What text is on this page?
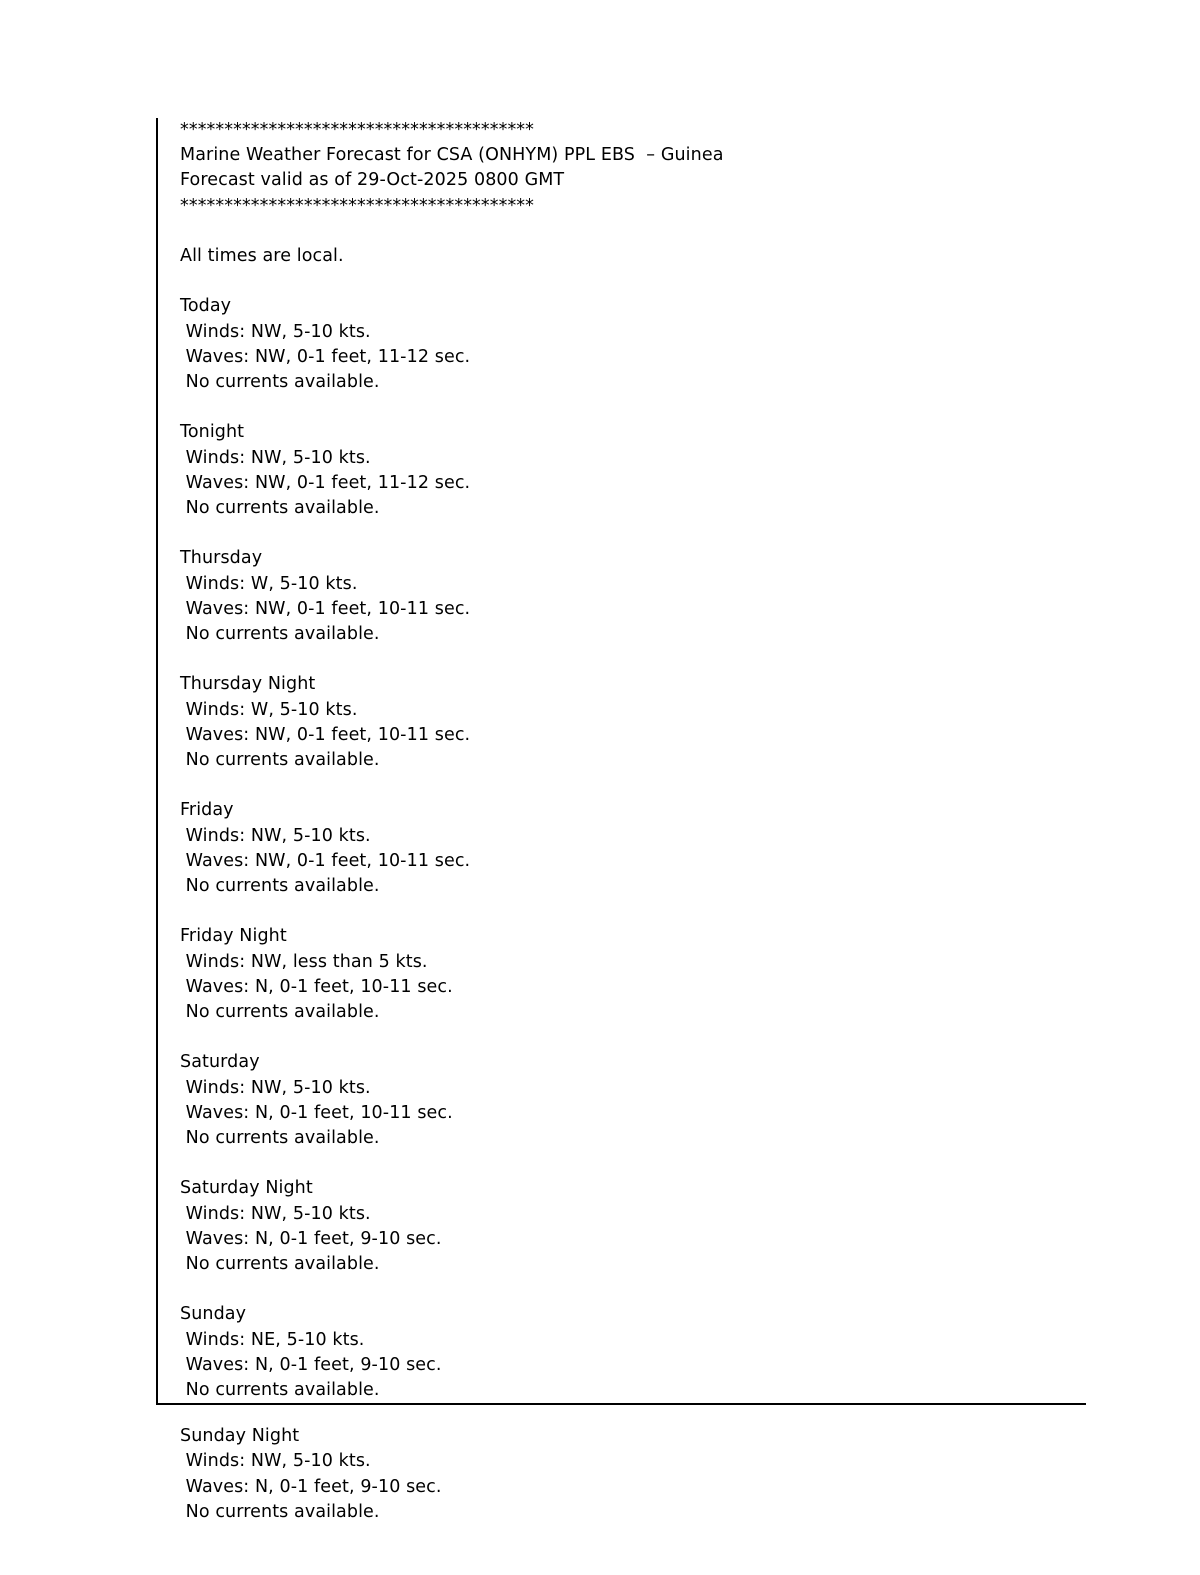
****************************************
Marine Weather Forecast for CSA (ONHYM) PPL EBS  – Guinea
Forecast valid as of 29-Oct-2025 0800 GMT
****************************************
All times are local.
Today
Winds: NW, 5-10 kts.
Waves: NW, 0-1 feet, 11-12 sec.
No currents available.
Tonight
Winds: NW, 5-10 kts.
Waves: NW, 0-1 feet, 11-12 sec.
No currents available.
Thursday
Winds: W, 5-10 kts.
Waves: NW, 0-1 feet, 10-11 sec.
No currents available.
Thursday Night
Winds: W, 5-10 kts.
Waves: NW, 0-1 feet, 10-11 sec.
No currents available.
Friday
Winds: NW, 5-10 kts.
Waves: NW, 0-1 feet, 10-11 sec.
No currents available.
Friday Night
Winds: NW, less than 5 kts.
Waves: N, 0-1 feet, 10-11 sec.
No currents available.
Saturday
Winds: NW, 5-10 kts.
Waves: N, 0-1 feet, 10-11 sec.
No currents available.
Saturday Night
Winds: NW, 5-10 kts.
Waves: N, 0-1 feet, 9-10 sec.
No currents available.
Sunday
Winds: NE, 5-10 kts.
Waves: N, 0-1 feet, 9-10 sec.
No currents available.
Sunday Night
Winds: NW, 5-10 kts.
Waves: N, 0-1 feet, 9-10 sec.
No currents available.
